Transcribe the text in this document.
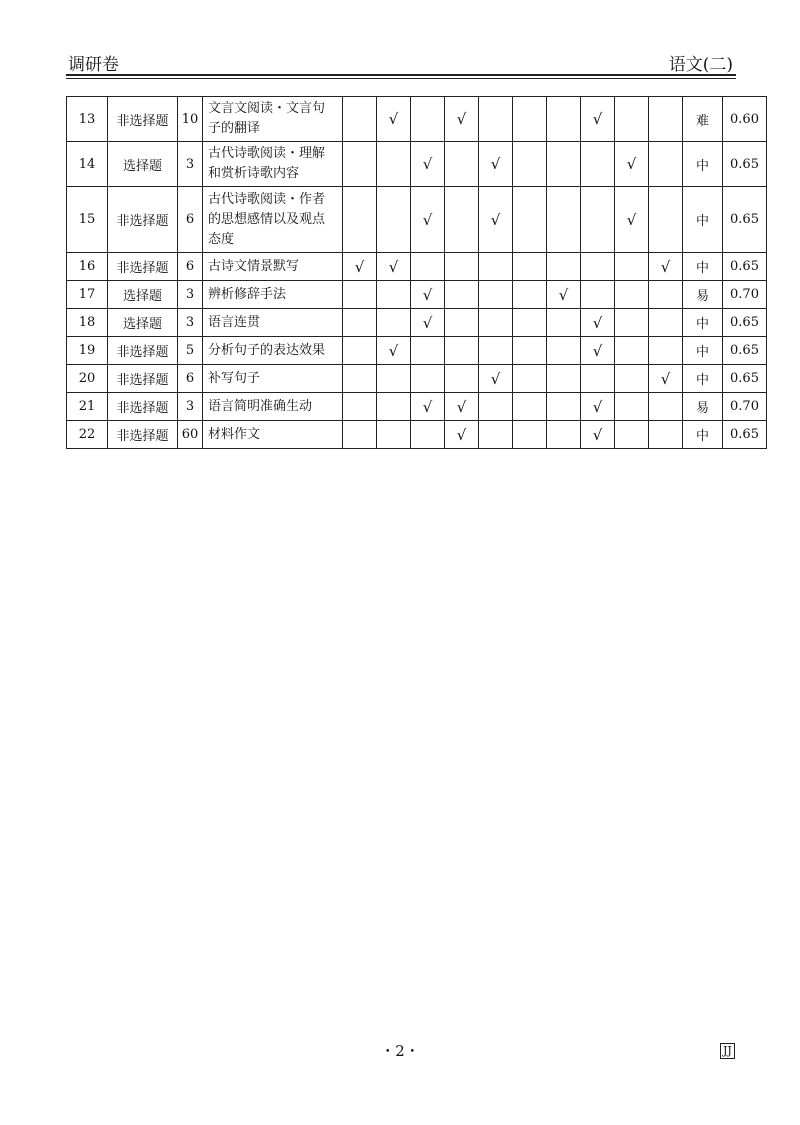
调研卷	语文(二)
13	非选择题	10	文言文阅读・文言句子的翻译		√		√				√			难	0.60
14	选择题	3	古代诗歌阅读・理解和赏析诗歌内容			√		√				√		中	0.65
15	非选择题	6	古代诗歌阅读・作者的思想感情以及观点态度			√		√				√		中	0.65
16	非选择题	6	古诗文情景默写	√	√								√	中	0.65
17	选择题	3	辨析修辞手法			√				√				易	0.70
18	选择题	3	语言连贯			√					√			中	0.65
19	非选择题	5	分析句子的表达效果		√						√			中	0.65
20	非选择题	6	补写句子					√					√	中	0.65
21	非选择题	3	语言简明准确生动			√	√				√			易	0.70
22	非选择题	60	材料作文				√				√			中	0.65
・2・	JJ
